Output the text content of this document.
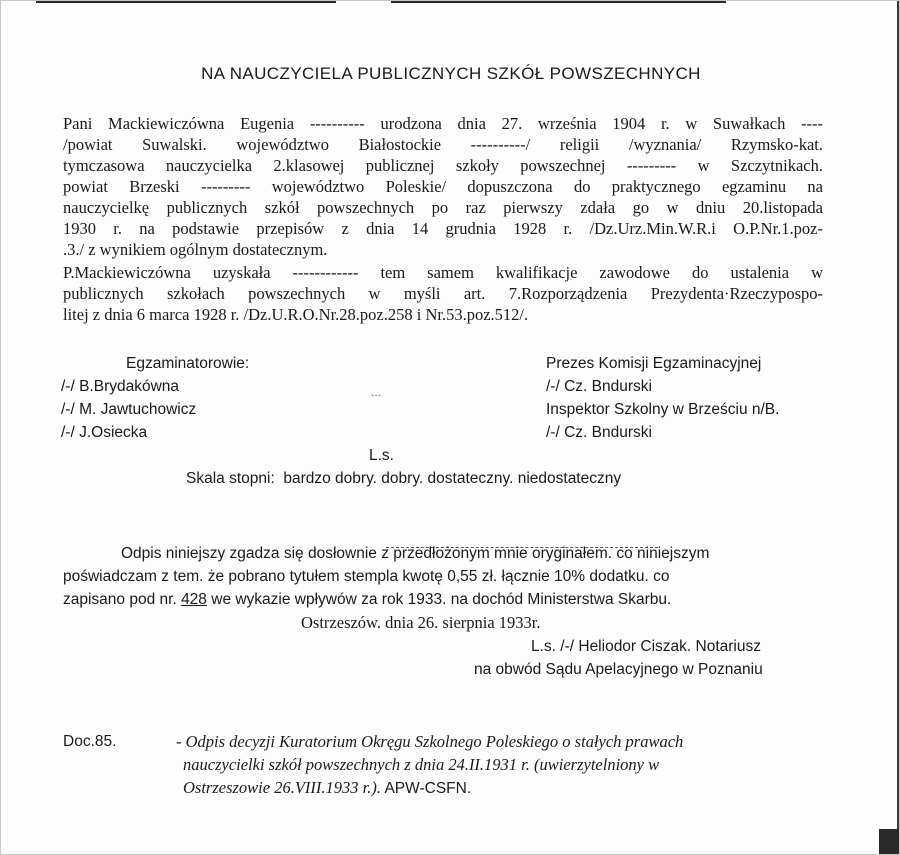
NA NAUCZYCIELA PUBLICZNYCH SZKÓŁ POWSZECHNYCH
Pani Mackiewiczówna Eugenia ---------- urodzona dnia 27. września 1904 r. w Suwałkach ----
/powiat Suwalski. województwo Białostockie ----------/ religii /wyznania/ Rzymsko-kat.
tymczasowa nauczycielka 2.klasowej publicznej szkoły powszechnej --------- w Szczytnikach.
powiat Brzeski --------- województwo Poleskie/ dopuszczona do praktycznego egzaminu na
nauczycielkę publicznych szkół powszechnych po raz pierwszy zdała go w dniu 20.listopada
1930 r. na podstawie przepisów z dnia 14 grudnia 1928 r. /Dz.Urz.Min.W.R.i O.P.Nr.1.poz-
.3./ z wynikiem ogólnym dostatecznym.
P.Mackiewiczówna uzyskała ------------ tem samem kwalifikacje zawodowe do ustalenia w
publicznych szkołach powszechnych w myśli art. 7.Rozporządzenia Prezydenta·Rzeczypospo-
litej z dnia 6 marca 1928 r. /Dz.U.R.O.Nr.28.poz.258 i Nr.53.poz.512/.
Egzaminatorowie:
/-/ B.Brydakówna
/-/ M. Jawtuchowicz
/-/ J.Osiecka
...
Prezes Komisji Egzaminacyjnej
/-/ Cz. Bndurski
Inspektor Szkolny w Brześciu n/B.
/-/ Cz. Bndurski
L.s.
Skala stopni:  bardzo dobry. dobry. dostateczny. niedostateczny
Odpis niniejszy zgadza się dosłownie z przedłożonym mnie oryginałem. co niniejszym
poświadczam z tem. że pobrano tytułem stempla kwotę 0,55 zł. łącznie 10% dodatku. co
zapisano pod nr. 428 we wykazie wpływów za rok 1933. na dochód Ministerstwa Skarbu.
Ostrzeszów. dnia 26. sierpnia 1933r.
L.s. /-/ Heliodor Ciszak. Notariusz
na obwód Sądu Apelacyjnego w Poznaniu
Doc.85.	- Odpis decyzji Kuratorium Okręgu Szkolnego Poleskiego o stałych prawach
nauczycielki szkół powszechnych z dnia 24.II.1931 r. (uwierzytelniony w
Ostrzeszowie 26.VIII.1933 r.). APW-CSFN.
